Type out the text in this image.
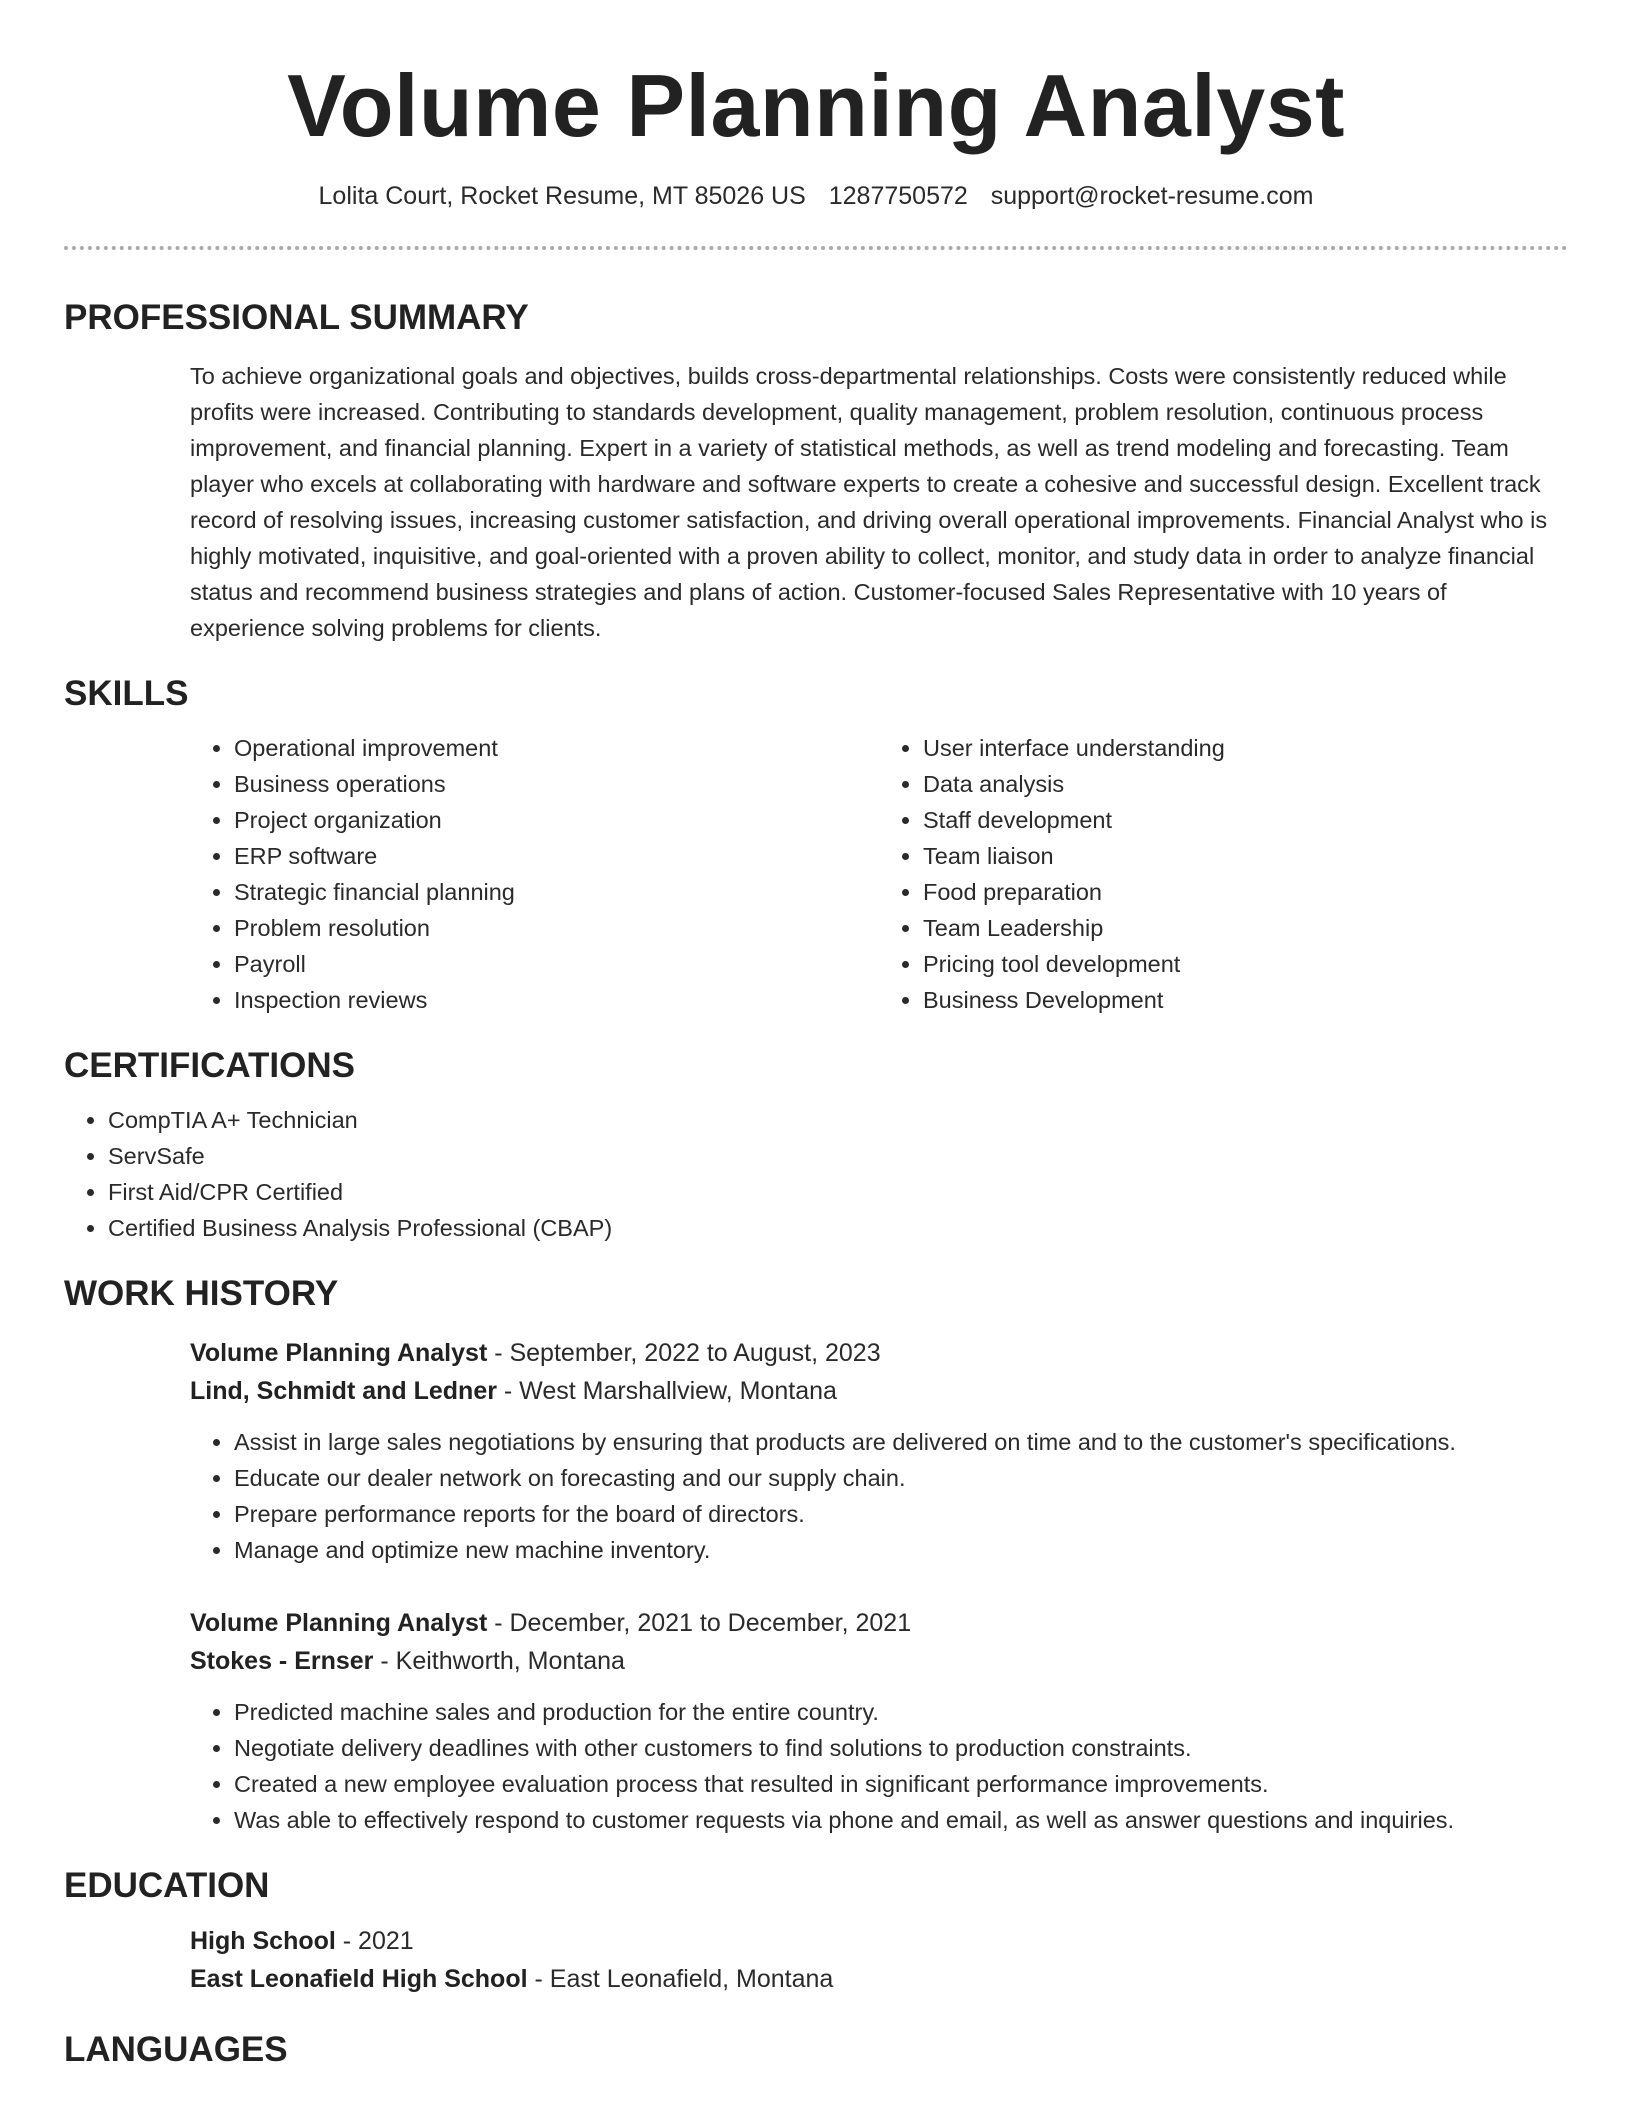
Volume Planning Analyst
Lolita Court, Rocket Resume, MT 85026 US 1287750572 support@rocket-resume.com
PROFESSIONAL SUMMARY
To achieve organizational goals and objectives, builds cross-departmental relationships. Costs were consistently reduced while profits were increased. Contributing to standards development, quality management, problem resolution, continuous process improvement, and financial planning. Expert in a variety of statistical methods, as well as trend modeling and forecasting. Team player who excels at collaborating with hardware and software experts to create a cohesive and successful design. Excellent track record of resolving issues, increasing customer satisfaction, and driving overall operational improvements. Financial Analyst who is highly motivated, inquisitive, and goal-oriented with a proven ability to collect, monitor, and study data in order to analyze financial status and recommend business strategies and plans of action. Customer-focused Sales Representative with 10 years of experience solving problems for clients.
SKILLS
• Operational improvement
• Business operations
• Project organization
• ERP software
• Strategic financial planning
• Problem resolution
• Payroll
• Inspection reviews
• User interface understanding
• Data analysis
• Staff development
• Team liaison
• Food preparation
• Team Leadership
• Pricing tool development
• Business Development
CERTIFICATIONS
• CompTIA A+ Technician
• ServSafe
• First Aid/CPR Certified
• Certified Business Analysis Professional (CBAP)
WORK HISTORY
Volume Planning Analyst - September, 2022 to August, 2023
Lind, Schmidt and Ledner - West Marshallview, Montana
• Assist in large sales negotiations by ensuring that products are delivered on time and to the customer's specifications.
• Educate our dealer network on forecasting and our supply chain.
• Prepare performance reports for the board of directors.
• Manage and optimize new machine inventory.
Volume Planning Analyst - December, 2021 to December, 2021
Stokes - Ernser - Keithworth, Montana
• Predicted machine sales and production for the entire country.
• Negotiate delivery deadlines with other customers to find solutions to production constraints.
• Created a new employee evaluation process that resulted in significant performance improvements.
• Was able to effectively respond to customer requests via phone and email, as well as answer questions and inquiries.
EDUCATION
High School - 2021
East Leonafield High School - East Leonafield, Montana
LANGUAGES
